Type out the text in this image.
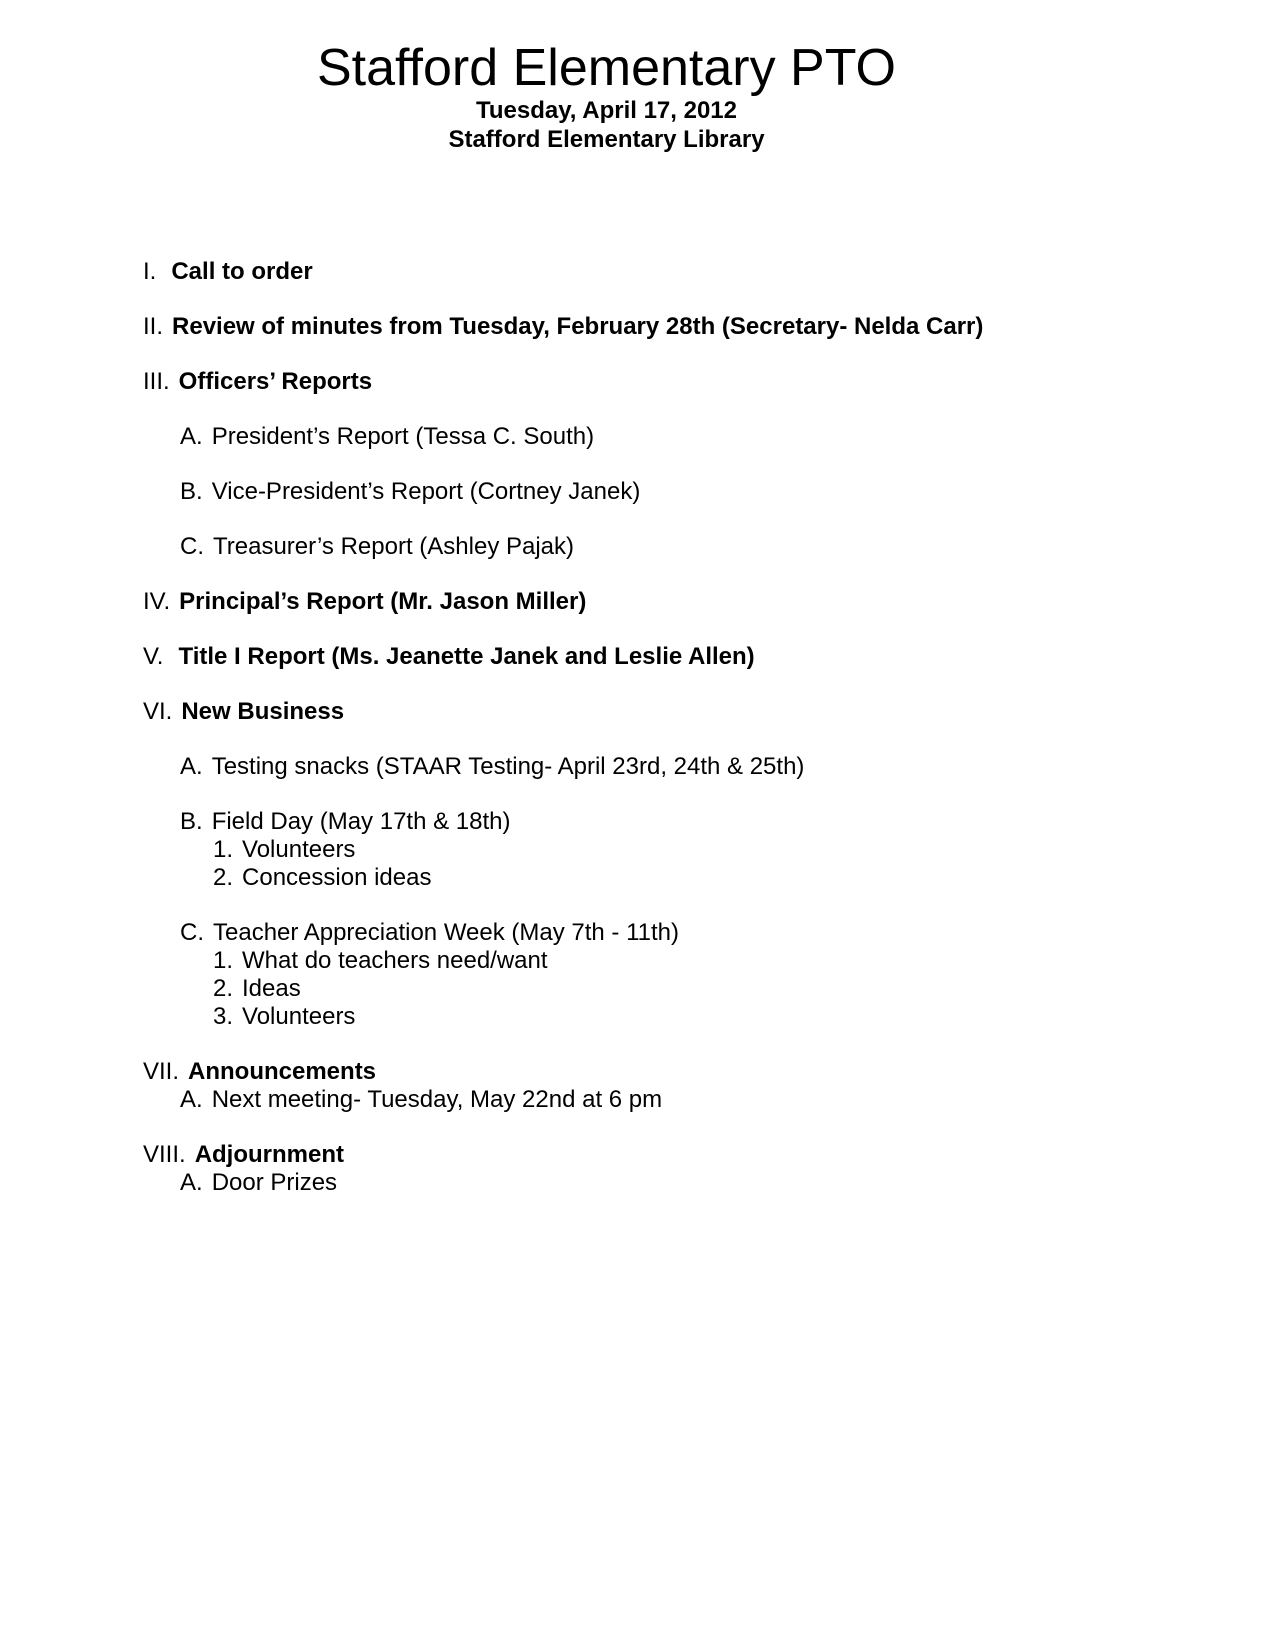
Stafford Elementary PTO
Tuesday, April 17, 2012
Stafford Elementary Library
I. Call to order
II. Review of minutes from Tuesday, February 28th (Secretary- Nelda Carr)
III. Officers’ Reports
A. President’s Report (Tessa C. South)
B. Vice-President’s Report (Cortney Janek)
C. Treasurer’s Report (Ashley Pajak)
IV. Principal’s Report (Mr. Jason Miller)
V. Title I Report (Ms. Jeanette Janek and Leslie Allen)
VI. New Business
A. Testing snacks (STAAR Testing- April 23rd, 24th & 25th)
B. Field Day (May 17th & 18th)
1. Volunteers
2. Concession ideas
C. Teacher Appreciation Week (May 7th - 11th)
1. What do teachers need/want
2. Ideas
3. Volunteers
VII. Announcements
A. Next meeting- Tuesday, May 22nd at 6 pm
VIII. Adjournment
A. Door Prizes
